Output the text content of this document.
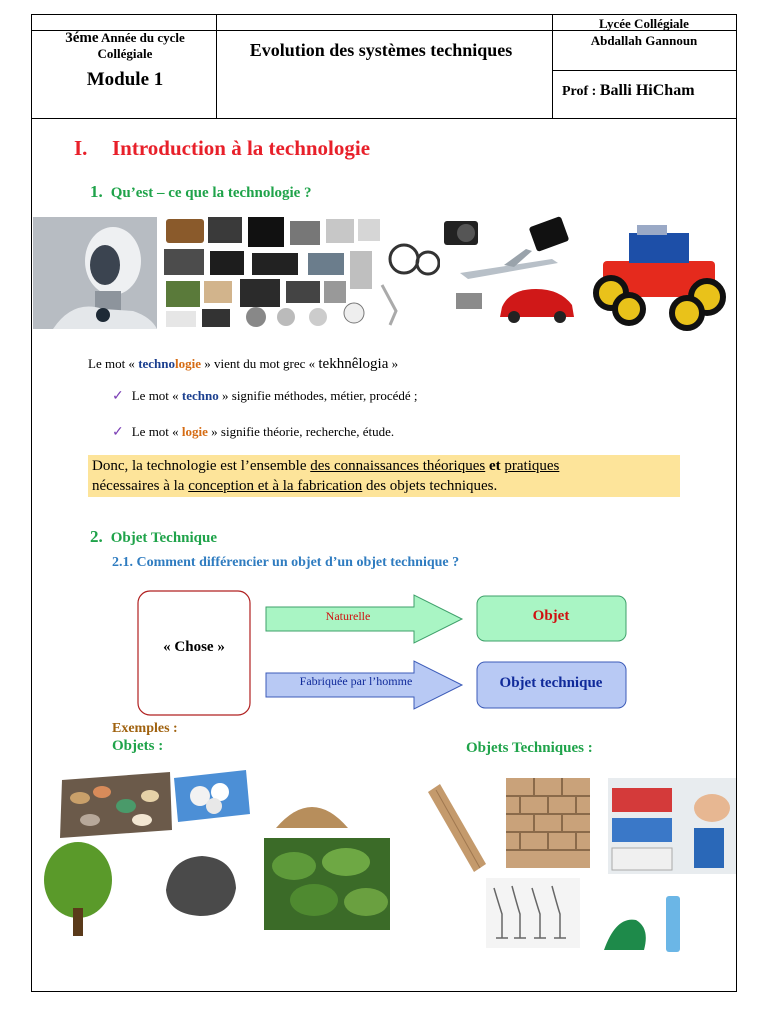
3éme Année du cycle
Collégiale
Module 1
Evolution des systèmes techniques
Lycée Collégiale
Abdallah Gannoun
Prof : Balli HiCham
I. Introduction à la technologie
1. Qu’est – ce que la technologie ?
Le mot « technologie » vient du mot grec « tekhnêlogia »
✓ Le mot « techno » signifie méthodes, métier, procédé ;
✓ Le mot « logie » signifie théorie, recherche, étude.
Donc, la technologie est l’ensemble des connaissances théoriques et pratiques
nécessaires à la conception et à la fabrication des objets techniques.
2. Objet Technique
2.1. Comment différencier un objet d’un objet technique ?
« Chose »
Naturelle
Fabriquée par l’homme
Objet
Objet technique
Exemples :
Objets :	Objets Techniques :
